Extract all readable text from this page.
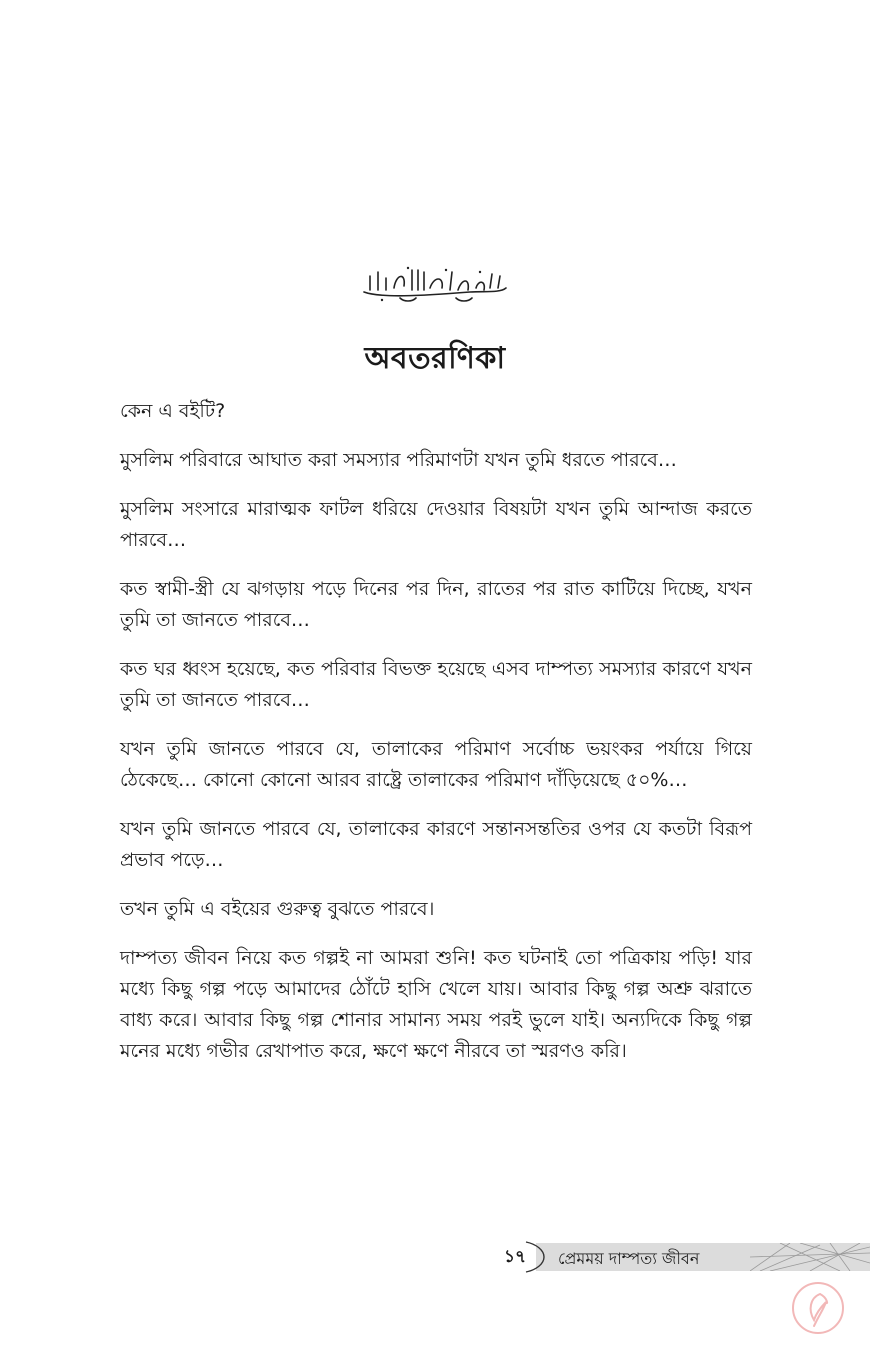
অবতরণিকা

কেন এ বইটি?

মুসলিম পরিবারে আঘাত করা সমস্যার পরিমাণটা যখন তুমি ধরতে পারবে…

মুসলিম সংসারে মারাত্মক ফাটল ধরিয়ে দেওয়ার বিষয়টা যখন তুমি আন্দাজ করতে পারবে…

কত স্বামী-স্ত্রী যে ঝগড়ায় পড়ে দিনের পর দিন, রাতের পর রাত কাটিয়ে দিচ্ছে, যখন তুমি তা জানতে পারবে…

কত ঘর ধ্বংস হয়েছে, কত পরিবার বিভক্ত হয়েছে এসব দাম্পত্য সমস্যার কারণে যখন তুমি তা জানতে পারবে…

যখন তুমি জানতে পারবে যে, তালাকের পরিমাণ সর্বোচ্চ ভয়ংকর পর্যায়ে গিয়ে ঠেকেছে… কোনো কোনো আরব রাষ্ট্রে তালাকের পরিমাণ দাঁড়িয়েছে ৫০%…

যখন তুমি জানতে পারবে যে, তালাকের কারণে সন্তানসন্ততির ওপর যে কতটা বিরূপ প্রভাব পড়ে…

তখন তুমি এ বইয়ের গুরুত্ব বুঝতে পারবে।

দাম্পত্য জীবন নিয়ে কত গল্পই না আমরা শুনি! কত ঘটনাই তো পত্রিকায় পড়ি! যার মধ্যে কিছু গল্প পড়ে আমাদের ঠোঁটে হাসি খেলে যায়। আবার কিছু গল্প অশ্রু ঝরাতে বাধ্য করে। আবার কিছু গল্প শোনার সামান্য সময় পরই ভুলে যাই। অন্যদিকে কিছু গল্প মনের মধ্যে গভীর রেখাপাত করে, ক্ষণে ক্ষণে নীরবে তা স্মরণও করি।

১৭ প্রেমময় দাম্পত্য জীবন
